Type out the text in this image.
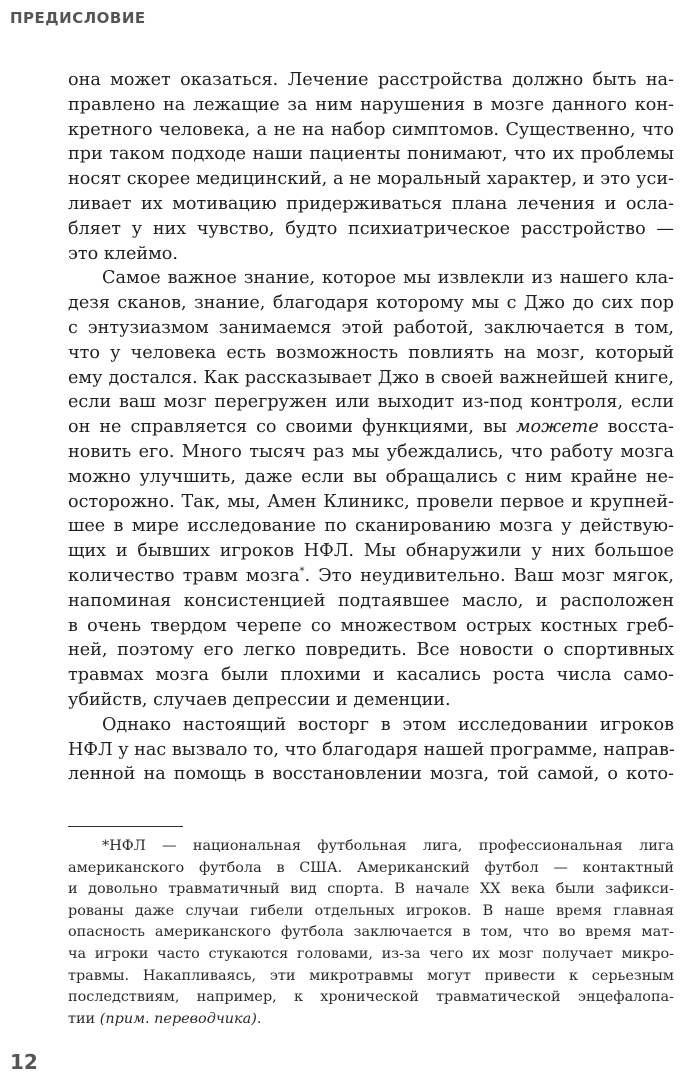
ПРЕДИСЛОВИЕ

она может оказаться. Лечение расстройства должно быть на-
правлено на лежащие за ним нарушения в мозге данного кон-
кретного человека, а не на набор симптомов. Существенно, что
при таком подходе наши пациенты понимают, что их проблемы
носят скорее медицинский, а не моральный характер, и это уси-
ливает их мотивацию придерживаться плана лечения и осла-
бляет у них чувство, будто психиатрическое расстройство —
это клеймо.

Самое важное знание, которое мы извлекли из нашего кла-
дезя сканов, знание, благодаря которому мы с Джо до сих пор
с энтузиазмом занимаемся этой работой, заключается в том,
что у человека есть возможность повлиять на мозг, который
ему достался. Как рассказывает Джо в своей важнейшей книге,
если ваш мозг перегружен или выходит из-под контроля, если
он не справляется со своими функциями, вы можете восста-
новить его. Много тысяч раз мы убеждались, что работу мозга
можно улучшить, даже если вы обращались с ним крайне не-
осторожно. Так, мы, Амен Клиникс, провели первое и крупней-
шее в мире исследование по сканированию мозга у действую-
щих и бывших игроков НФЛ. Мы обнаружили у них большое
количество травм мозга*. Это неудивительно. Ваш мозг мягок,
напоминая консистенцией подтаявшее масло, и расположен
в очень твердом черепе со множеством острых костных греб-
ней, поэтому его легко повредить. Все новости о спортивных
травмах мозга были плохими и касались роста числа само-
убийств, случаев депрессии и деменции.

Однако настоящий восторг в этом исследовании игроков
НФЛ у нас вызвало то, что благодаря нашей программе, направ-
ленной на помощь в восстановлении мозга, той самой, о кото-

*НФЛ — национальная футбольная лига, профессиональная лига
американского футбола в США. Американский футбол — контактный
и довольно травматичный вид спорта. В начале XX века были зафикси-
рованы даже случаи гибели отдельных игроков. В наше время главная
опасность американского футбола заключается в том, что во время мат-
ча игроки часто стукаются головами, из-за чего их мозг получает микро-
травмы. Накапливаясь, эти микротравмы могут привести к серьезным
последствиям, например, к хронической травматической энцефалопа-
тии (прим. переводчика).
12
